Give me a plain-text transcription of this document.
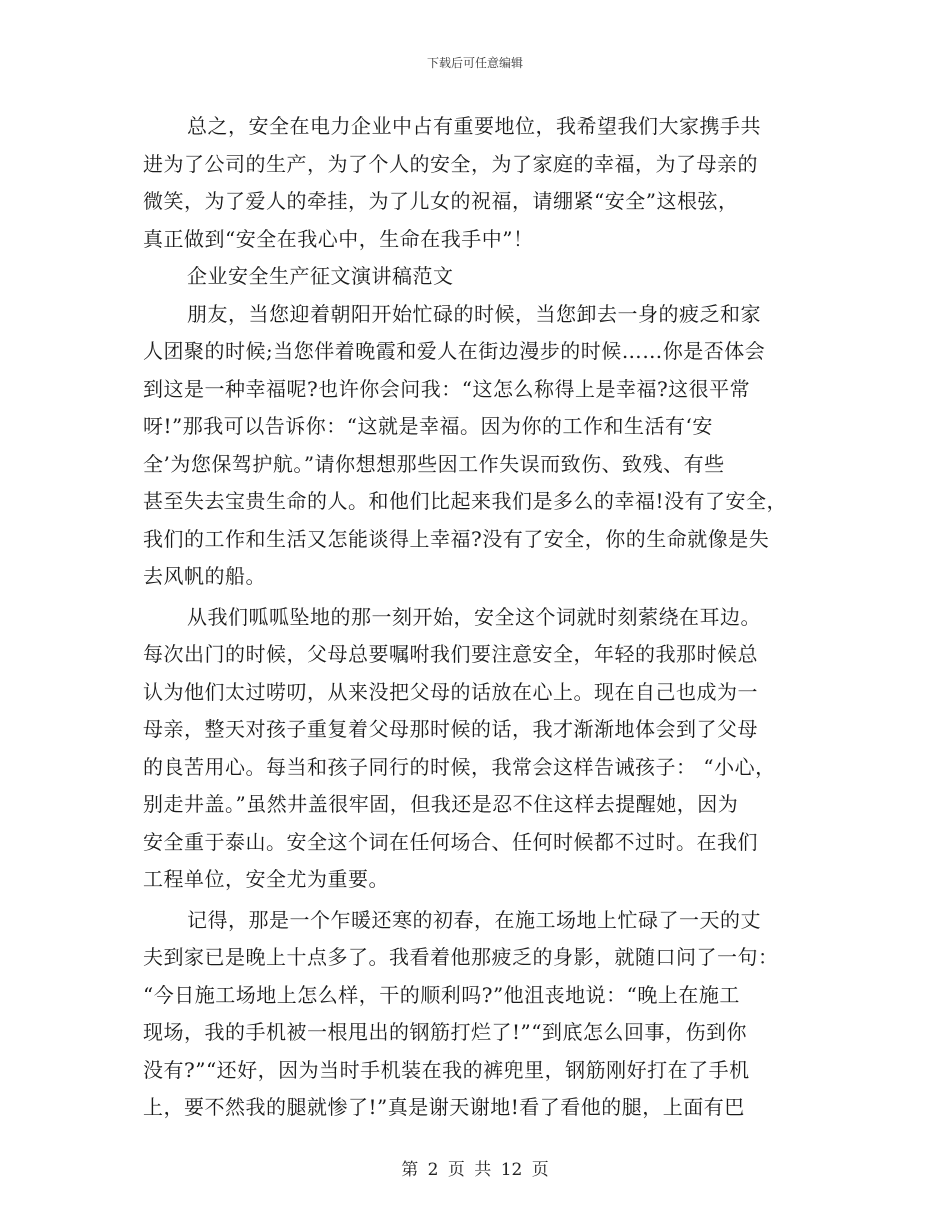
下载后可任意编辑
总之，安全在电力企业中占有重要地位，我希望我们大家携手共
进为了公司的生产，为了个人的安全，为了家庭的幸福，为了母亲的
微笑，为了爱人的牵挂，为了儿女的祝福，请绷紧“安全”这根弦，
真正做到“安全在我心中，生命在我手中”！
企业安全生产征文演讲稿范文
朋友，当您迎着朝阳开始忙碌的时候，当您卸去一身的疲乏和家
人团聚的时候;当您伴着晚霞和爱人在街边漫步的时候……你是否体会
到这是一种幸福呢?也许你会问我：“这怎么称得上是幸福?这很平常
呀!”那我可以告诉你：“这就是幸福。因为你的工作和生活有‘安
全’为您保驾护航。”请你想想那些因工作失误而致伤、致残、有些
甚至失去宝贵生命的人。和他们比起来我们是多么的幸福!没有了安全，
我们的工作和生活又怎能谈得上幸福?没有了安全，你的生命就像是失
去风帆的船。
从我们呱呱坠地的那一刻开始，安全这个词就时刻萦绕在耳边。
每次出门的时候，父母总要嘱咐我们要注意安全，年轻的我那时候总
认为他们太过唠叨，从来没把父母的话放在心上。现在自己也成为一
母亲，整天对孩子重复着父母那时候的话，我才渐渐地体会到了父母
的良苦用心。每当和孩子同行的时候，我常会这样告诫孩子： “小心，
别走井盖。”虽然井盖很牢固，但我还是忍不住这样去提醒她，因为
安全重于泰山。安全这个词在任何场合、任何时候都不过时。在我们
工程单位，安全尤为重要。
记得，那是一个乍暖还寒的初春，在施工场地上忙碌了一天的丈
夫到家已是晚上十点多了。我看着他那疲乏的身影，就随口问了一句：
“今日施工场地上怎么样，干的顺利吗?”他沮丧地说：“晚上在施工
现场，我的手机被一根甩出的钢筋打烂了!”“到底怎么回事，伤到你
没有?”“还好，因为当时手机装在我的裤兜里，钢筋刚好打在了手机
上，要不然我的腿就惨了!”真是谢天谢地!看了看他的腿，上面有巴
第 2 页 共 12 页
